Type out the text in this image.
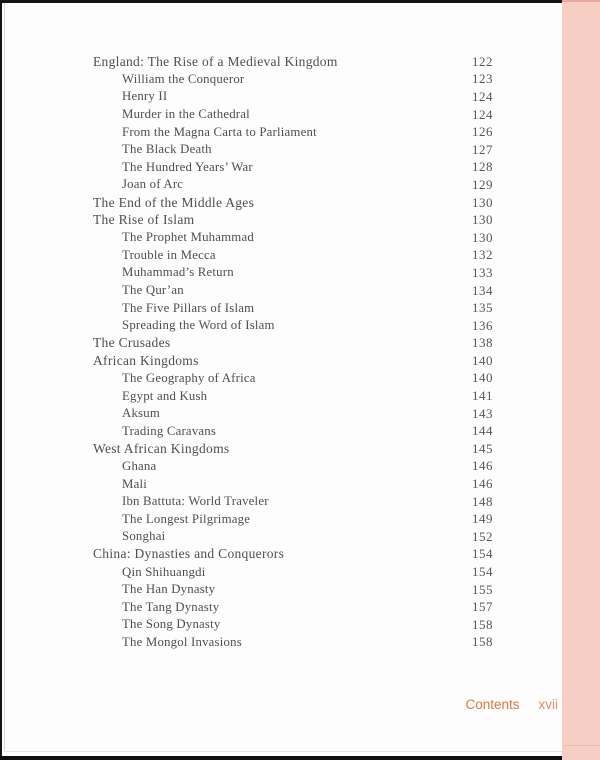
England: The Rise of a Medieval Kingdom	122
William the Conqueror	123
Henry II	124
Murder in the Cathedral	124
From the Magna Carta to Parliament	126
The Black Death	127
The Hundred Years’ War	128
Joan of Arc	129
The End of the Middle Ages	130
The Rise of Islam	130
The Prophet Muhammad	130
Trouble in Mecca	132
Muhammad’s Return	133
The Qur’an	134
The Five Pillars of Islam	135
Spreading the Word of Islam	136
The Crusades	138
African Kingdoms	140
The Geography of Africa	140
Egypt and Kush	141
Aksum	143
Trading Caravans	144
West African Kingdoms	145
Ghana	146
Mali	146
Ibn Battuta: World Traveler	148
The Longest Pilgrimage	149
Songhai	152
China: Dynasties and Conquerors	154
Qin Shihuangdi	154
The Han Dynasty	155
The Tang Dynasty	157
The Song Dynasty	158
The Mongol Invasions	158
Contents xvii
